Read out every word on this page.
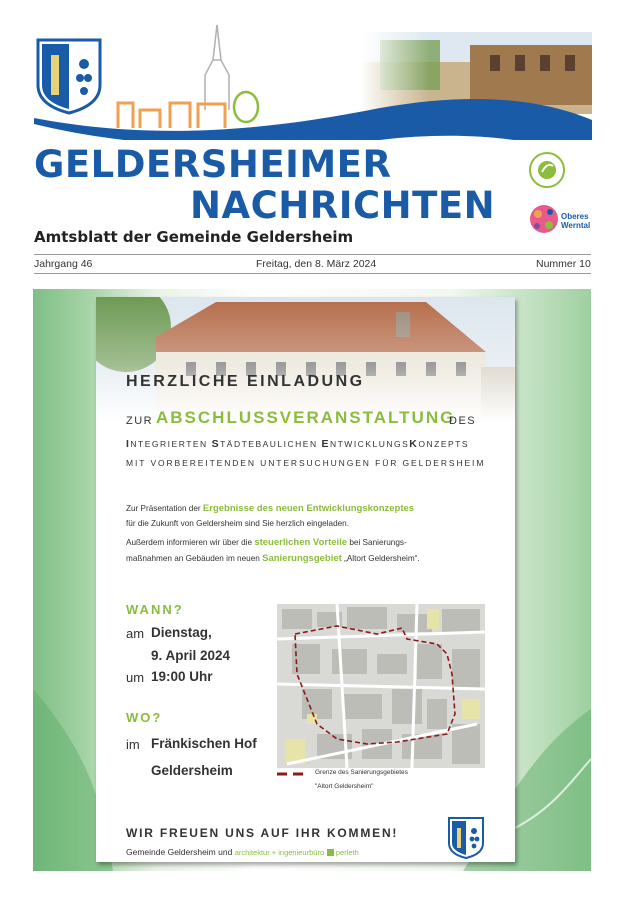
GELDERSHEIMER
NACHRICHTEN	Oberes Werntal
Amtsblatt der Gemeinde Geldersheim
Jahrgang 46	Freitag, den 8. März 2024	Nummer 10
HERZLICHE EINLADUNG
ZUR ABSCHLUSSVERANSTALTUNG
DES
INTEGRIERTEN STÄDTEBAULICHEN ENTWICKLUNGSKONZEPTS
MIT VORBEREITENDEN UNTERSUCHUNGEN FÜR GELDERSHEIM
Zur Präsentation der Ergebnisse des neuen Entwicklungskonzeptes
für die Zukunft von Geldersheim sind Sie herzlich eingeladen.
Außerdem informieren wir über die steuerlichen Vorteile bei Sanierungs-
maßnahmen an Gebäuden im neuen Sanierungsgebiet „Altort Geldersheim“.
WANN?
am Dienstag,
9. April 2024
um 19:00 Uhr
WO?
im Fränkischen Hof
Geldersheim	Grenze des Sanierungsgebietes
"Altort Geldersheim"
WIR FREUEN UNS AUF IHR KOMMEN!
Gemeinde Geldersheim und architektur + ingenieurbüro perleth
